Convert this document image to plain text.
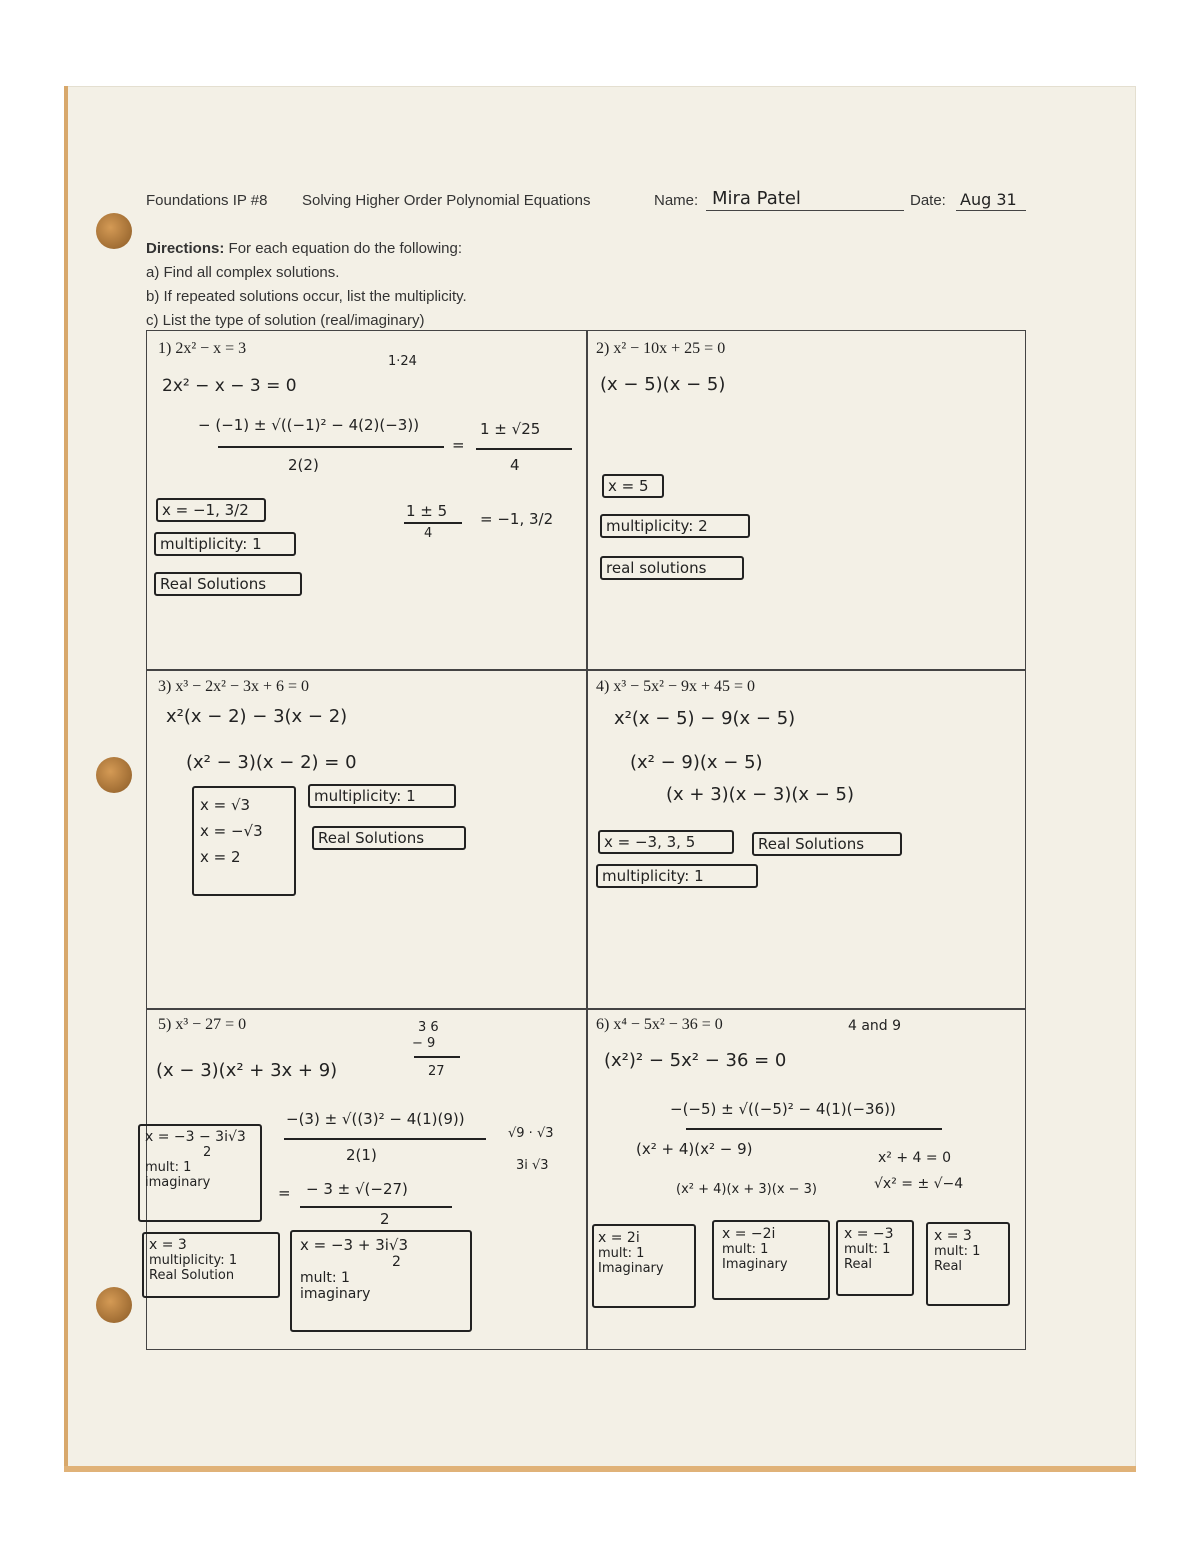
Foundations IP #8 Solving Higher Order Polynomial Equations	Name: Mira Patel	Date: Aug 31
Directions: For each equation do the following:
a) Find all complex solutions.
b) If repeated solutions occur, list the multiplicity.
c) List the type of solution (real/imaginary)
1) 2x² − x = 3
1·24
2x² − x − 3 = 0
− (−1) ± √((−1)² − 4(2)(−3))
=
2(2)
1 ± √25
4
1 ± 5
4
= −1, 3/2
x = −1, 3/2
multiplicity: 1
Real Solutions
2) x² − 10x + 25 = 0
(x − 5)(x − 5)
x = 5
multiplicity: 2
real solutions
3) x³ − 2x² − 3x + 6 = 0
x²(x − 2) − 3(x − 2)
(x² − 3)(x − 2) = 0
x = √3
x = −√3
x = 2
multiplicity: 1
Real Solutions
4) x³ − 5x² − 9x + 45 = 0
x²(x − 5) − 9(x − 5)
(x² − 9)(x − 5)
(x + 3)(x − 3)(x − 5)
x = −3, 3, 5	Real Solutions
multiplicity: 1
5) x³ − 27 = 0	3 6
− 9
27
(x − 3)(x² + 3x + 9)
−(3) ± √((3)² − 4(1)(9))
2(1)
√9 · √3
3i √3
= − 3 ± √(−27)
2
x = −3 − 3i√3
2
mult: 1
imaginary
x = 3
multiplicity: 1
Real Solution
x = −3 + 3i√3
2
mult: 1
imaginary
6) x⁴ − 5x² − 36 = 0	4 and 9
(x²)² − 5x² − 36 = 0
−(−5) ± √((−5)² − 4(1)(−36))
(x² + 4)(x² − 9)	x² + 4 = 0
(x² + 4)(x + 3)(x − 3)	√x² = ± √−4
x = 2i
mult: 1
Imaginary
x = −2i
mult: 1
Imaginary
x = −3
mult: 1
Real
x = 3
mult: 1
Real
